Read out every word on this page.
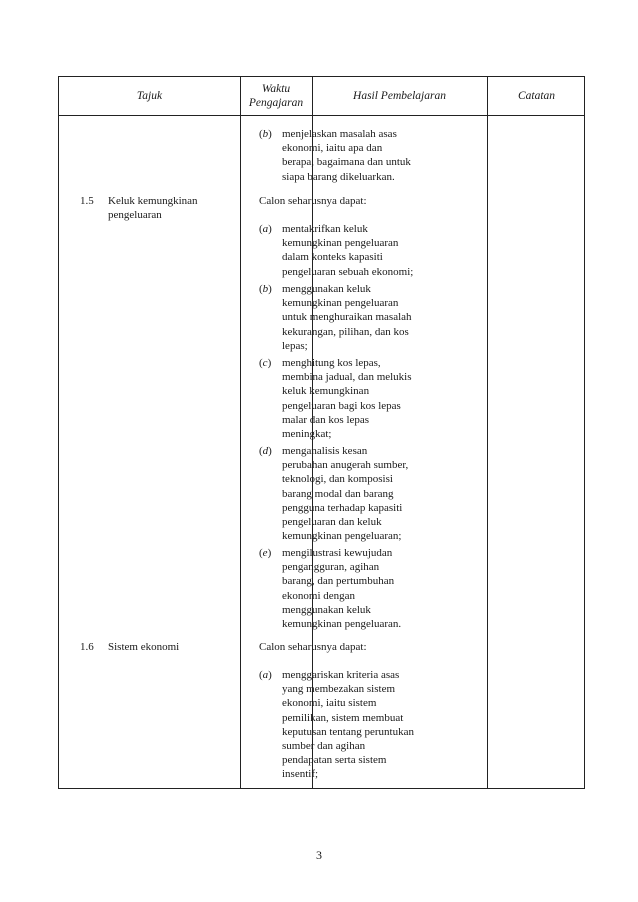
Tajuk
Waktu
Pengajaran
Hasil Pembelajaran	Catatan
1.5 Keluk kemungkinan
pengeluaran
1.6 Sistem ekonomi
(b) menjelaskan masalah asas
ekonomi, iaitu apa dan
berapa, bagaimana dan untuk
siapa barang dikeluarkan.
Calon seharusnya dapat:
(a) mentakrifkan keluk
kemungkinan pengeluaran
dalam konteks kapasiti
pengeluaran sebuah ekonomi;
(b) menggunakan keluk
kemungkinan pengeluaran
untuk menghuraikan masalah
kekurangan, pilihan, dan kos
lepas;
(c) menghitung kos lepas,
membina jadual, dan melukis
keluk kemungkinan
pengeluaran bagi kos lepas
malar dan kos lepas
meningkat;
(d) menganalisis kesan
perubahan anugerah sumber,
teknologi, dan komposisi
barang modal dan barang
pengguna terhadap kapasiti
pengeluaran dan keluk
kemungkinan pengeluaran;
(e) mengilustrasi kewujudan
pengangguran, agihan
barang, dan pertumbuhan
ekonomi dengan
menggunakan keluk
kemungkinan pengeluaran.
Calon seharusnya dapat:
(a) menggariskan kriteria asas
yang membezakan sistem
ekonomi, iaitu sistem
pemilikan, sistem membuat
keputusan tentang peruntukan
sumber dan agihan
pendapatan serta sistem
insentif;
3
